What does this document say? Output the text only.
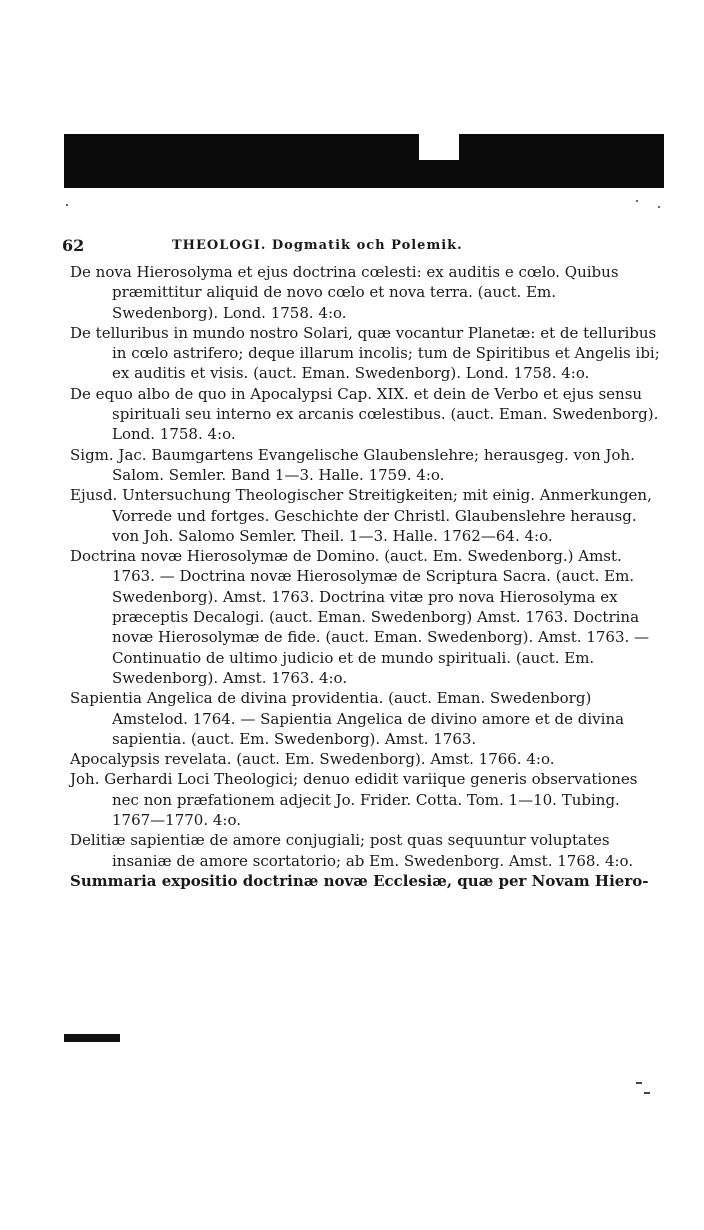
62	THEOLOGI. Dogmatik och Polemik.

De nova Hierosolyma et ejus doctrina cœlesti: ex auditis e cœlo. Quibus præmittitur aliquid de novo cœlo et nova terra. (auct. Em. Swedenborg). Lond. 1758. 4:o.

De telluribus in mundo nostro Solari, quæ vocantur Planetæ: et de telluribus in cœlo astrifero; deque illarum incolis; tum de Spiritibus et Angelis ibi; ex auditis et visis. (auct. Eman. Swedenborg). Lond. 1758. 4:o.

De equo albo de quo in Apocalypsi Cap. XIX. et dein de Verbo et ejus sensu spirituali seu interno ex arcanis cœlestibus. (auct. Eman. Swedenborg). Lond. 1758. 4:o.

Sigm. Jac. Baumgartens Evangelische Glaubenslehre; herausgeg. von Joh. Salom. Semler. Band 1—3. Halle. 1759. 4:o.

Ejusd. Untersuchung Theologischer Streitigkeiten; mit einig. Anmerkungen, Vorrede und fortges. Geschichte der Christl. Glaubenslehre herausg. von Joh. Salomo Semler. Theil. 1—3. Halle. 1762—64. 4:o.

Doctrina novæ Hierosolymæ de Domino. (auct. Em. Swedenborg.) Amst. 1763. — Doctrina novæ Hierosolymæ de Scriptura Sacra. (auct. Em. Swedenborg). Amst. 1763. Doctrina vitæ pro nova Hierosolyma ex præceptis Decalogi. (auct. Eman. Swedenborg) Amst. 1763. Doctrina novæ Hierosolymæ de fide. (auct. Eman. Swedenborg). Amst. 1763. — Continuatio de ultimo judicio et de mundo spirituali. (auct. Em. Swedenborg). Amst. 1763. 4:o.

Sapientia Angelica de divina providentia. (auct. Eman. Swedenborg) Amstelod. 1764. — Sapientia Angelica de divino amore et de divina sapientia. (auct. Em. Swedenborg). Amst. 1763.

Apocalypsis revelata. (auct. Em. Swedenborg). Amst. 1766. 4:o.

Joh. Gerhardi Loci Theologici; denuo edidit variique generis observationes nec non præfationem adjecit Jo. Frider. Cotta. Tom. 1—10. Tubing. 1767—1770. 4:o.

Delitiæ sapientiæ de amore conjugiali; post quas sequuntur voluptates insaniæ de amore scortatorio; ab Em. Swedenborg. Amst. 1768. 4:o.

Summaria expositio doctrinæ novæ Ecclesiæ, quæ per Novam Hiero-
